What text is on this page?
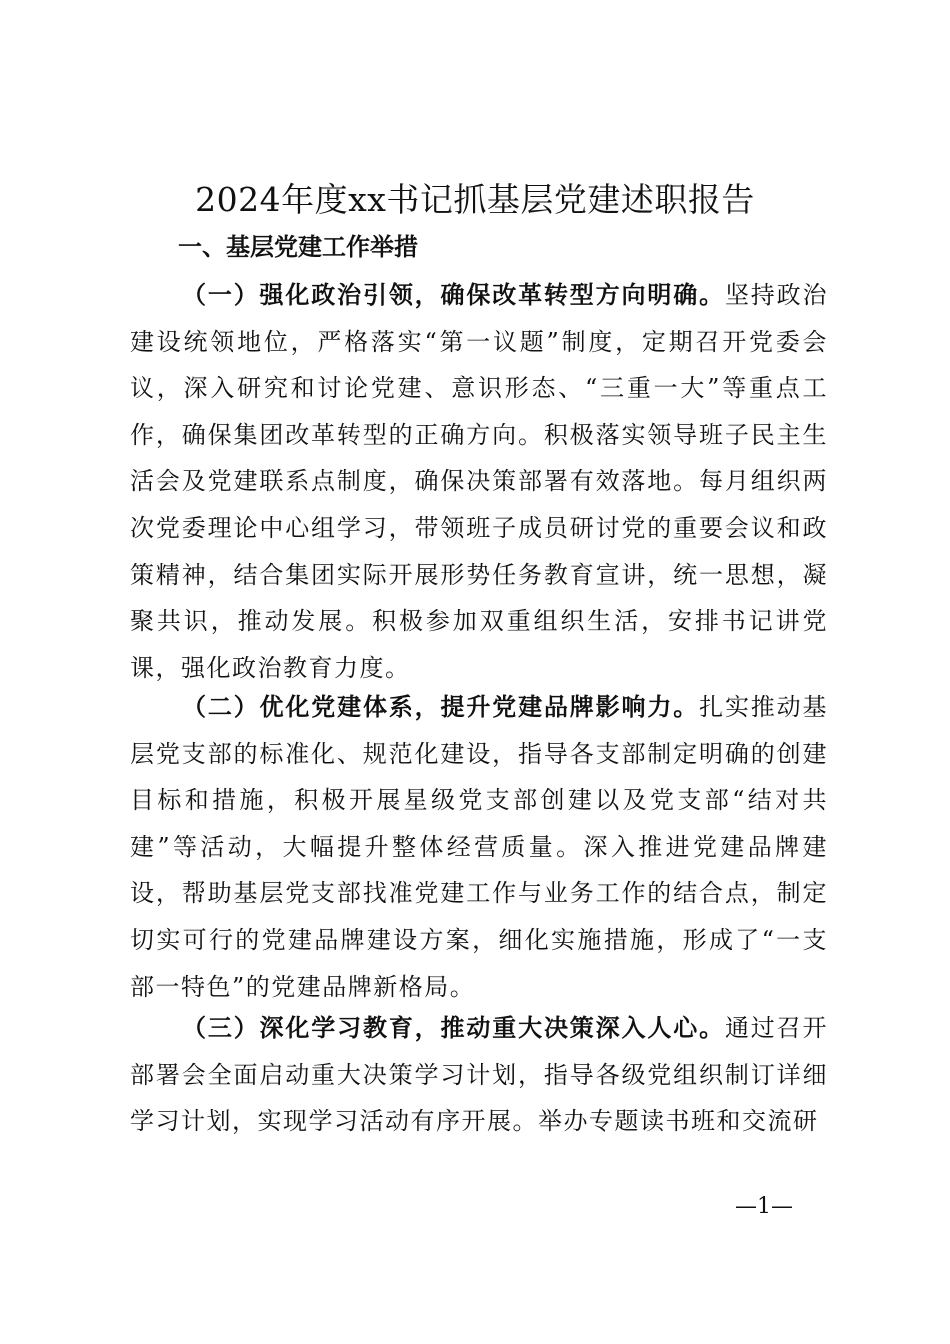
2024年度xx书记抓基层党建述职报告
一、基层党建工作举措

（一）强化政治引领，确保改革转型方向明确。坚持政治建设统领地位，严格落实“第一议题”制度，定期召开党委会议，深入研究和讨论党建、意识形态、“三重一大”等重点工作，确保集团改革转型的正确方向。积极落实领导班子民主生活会及党建联系点制度，确保决策部署有效落地。每月组织两次党委理论中心组学习，带领班子成员研讨党的重要会议和政策精神，结合集团实际开展形势任务教育宣讲，统一思想，凝聚共识，推动发展。积极参加双重组织生活，安排书记讲党课，强化政治教育力度。

（二）优化党建体系，提升党建品牌影响力。扎实推动基层党支部的标准化、规范化建设，指导各支部制定明确的创建目标和措施，积极开展星级党支部创建以及党支部“结对共建”等活动，大幅提升整体经营质量。深入推进党建品牌建设，帮助基层党支部找准党建工作与业务工作的结合点，制定切实可行的党建品牌建设方案，细化实施措施，形成了“一支部一特色”的党建品牌新格局。

（三）深化学习教育，推动重大决策深入人心。通过召开部署会全面启动重大决策学习计划，指导各级党组织制订详细学习计划，实现学习活动有序开展。举办专题读书班和交流研

—1—
